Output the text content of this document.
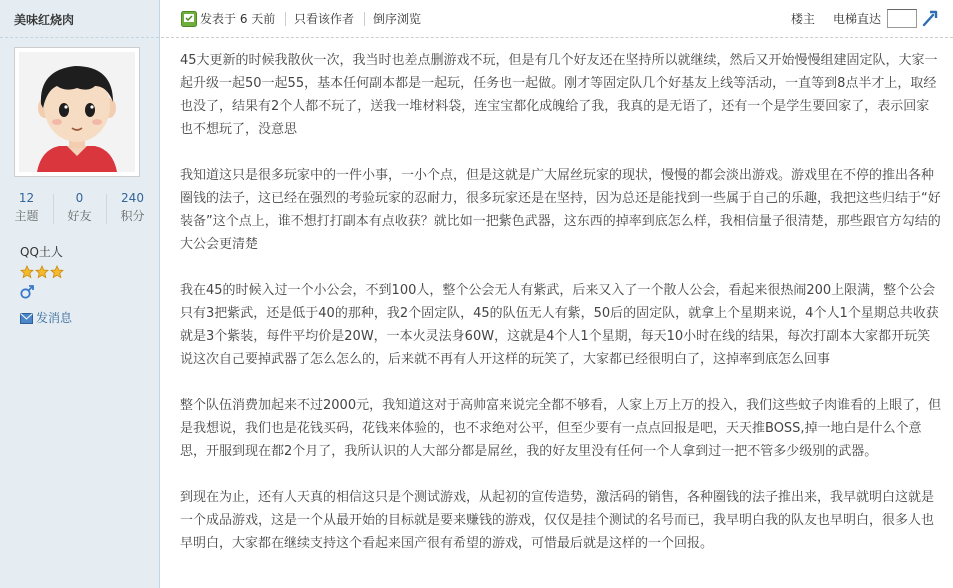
美味红烧肉
12
主题
0
好友
240
积分
QQ土人
发消息
发表于 6 天前 只看该作者 倒序浏览	楼主 电梯直达

45大更新的时候我散伙一次，我当时也差点删游戏不玩，但是有几个好友还在坚持所以就继续，然后又开始慢慢组建固定队，大家一起升级一起50一起55，基本任何副本都是一起玩，任务也一起做。刚才等固定队几个好基友上线等活动，一直等到8点半才上，取经也没了，结果有2个人都不玩了，送我一堆材料袋，连宝宝都化成魄给了我，我真的是无语了，还有一个是学生要回家了，表示回家也不想玩了，没意思

我知道这只是很多玩家中的一件小事，一小个点，但是这就是广大屌丝玩家的现状，慢慢的都会淡出游戏。游戏里在不停的推出各种圈钱的法子，这已经在强烈的考验玩家的忍耐力，很多玩家还是在坚持，因为总还是能找到一些属于自己的乐趣，我把这些归结于“好装备”这个点上，谁不想打打副本有点收获？就比如一把紫色武器，这东西的掉率到底怎么样，我相信量子很清楚，那些跟官方勾结的大公会更清楚

我在45的时候入过一个小公会，不到100人，整个公会无人有紫武，后来又入了一个散人公会，看起来很热闹200上限满，整个公会只有3把紫武，还是低于40的那种，我2个固定队，45的队伍无人有紫，50后的固定队，就拿上个星期来说，4个人1个星期总共收获就是3个紫装，每件平均价是20W，一本火灵法身60W，这就是4个人1个星期，每天10小时在线的结果，每次打副本大家都开玩笑说这次自己要掉武器了怎么怎么的，后来就不再有人开这样的玩笑了，大家都已经很明白了，这掉率到底怎么回事

整个队伍消费加起来不过2000元，我知道这对于高帅富来说完全都不够看，人家上万上万的投入，我们这些蚊子肉谁看的上眼了，但是我想说，我们也是花钱买码，花钱来体验的，也不求绝对公平，但至少要有一点点回报是吧，天天推BOSS,掉一地白是什么个意思，开服到现在都2个月了，我所认识的人大部分都是屌丝，我的好友里没有任何一个人拿到过一把不管多少级别的武器。

到现在为止，还有人天真的相信这只是个测试游戏，从起初的宣传造势，激活码的销售，各种圈钱的法子推出来，我早就明白这就是一个成品游戏，这是一个从最开始的目标就是要来赚钱的游戏，仅仅是挂个测试的名号而已，我早明白我的队友也早明白，很多人也早明白，大家都在继续支持这个看起来国产很有希望的游戏，可惜最后就是这样的一个回报。
